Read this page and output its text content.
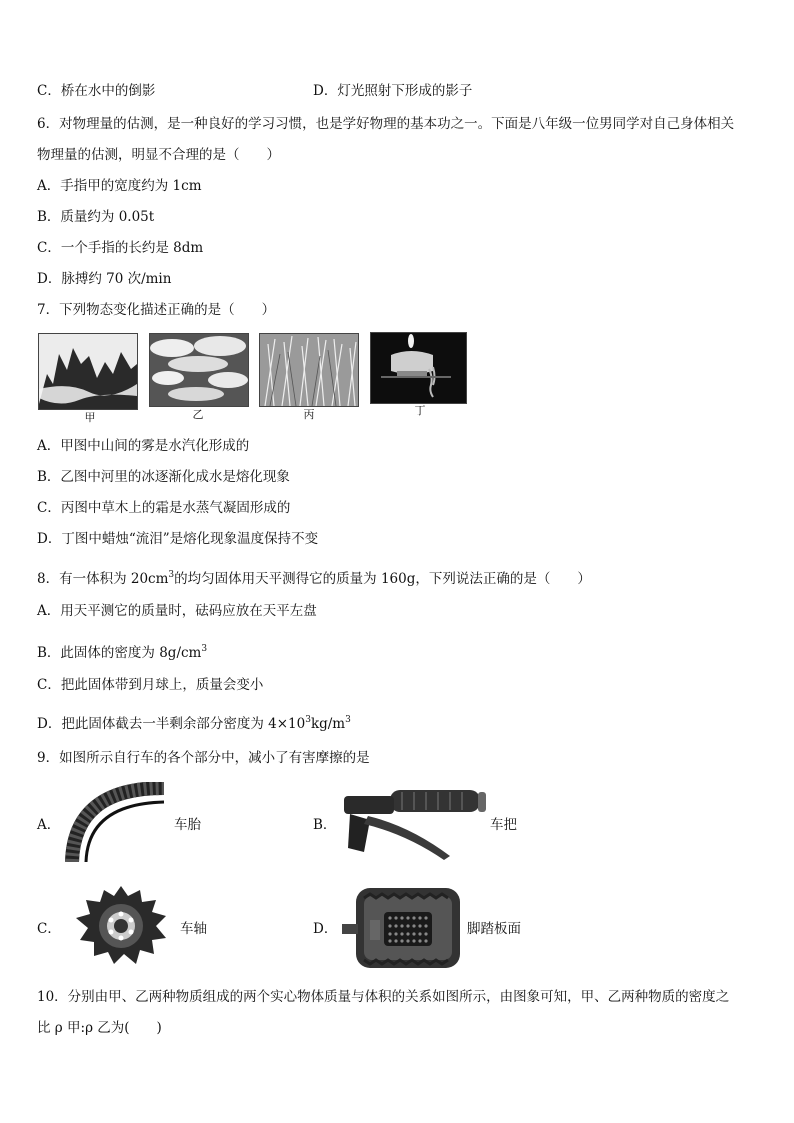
C．桥在水中的倒影	D．灯光照射下形成的影子
6．对物理量的估测，是一种良好的学习习惯，也是学好物理的基本功之一。下面是八年级一位男同学对自己身体相关
物理量的估测，明显不合理的是（　　）
A．手指甲的宽度约为 1cm
B．质量约为 0.05t
C．一个手指的长约是 8dm
D．脉搏约 70 次/min
7．下列物态变化描述正确的是（　　）
甲	乙	丙	丁
A．甲图中山间的雾是水汽化形成的
B．乙图中河里的冰逐渐化成水是熔化现象
C．丙图中草木上的霜是水蒸气凝固形成的
D．丁图中蜡烛“流泪”是熔化现象温度保持不变
8．有一体积为 $20cm^3$的均匀固体用天平测得它的质量为 160g，下列说法正确的是（　　）
A．用天平测它的质量时，砝码应放在天平左盘
B．此固体的密度为 $8g/cm^3$
C．把此固体带到月球上，质量会变小
D．把此固体截去一半剩余部分密度为 $4\times 10^3kg/m^3$
9．如图所示自行车的各个部分中，减小了有害摩擦的是
A．	车胎	B．	车把
C．	车轴	D．	脚踏板面
10．分别由甲、乙两种物质组成的两个实心物体质量与体积的关系如图所示，由图象可知，甲、乙两种物质的密度之
比 ρ 甲:ρ 乙为(　　)
